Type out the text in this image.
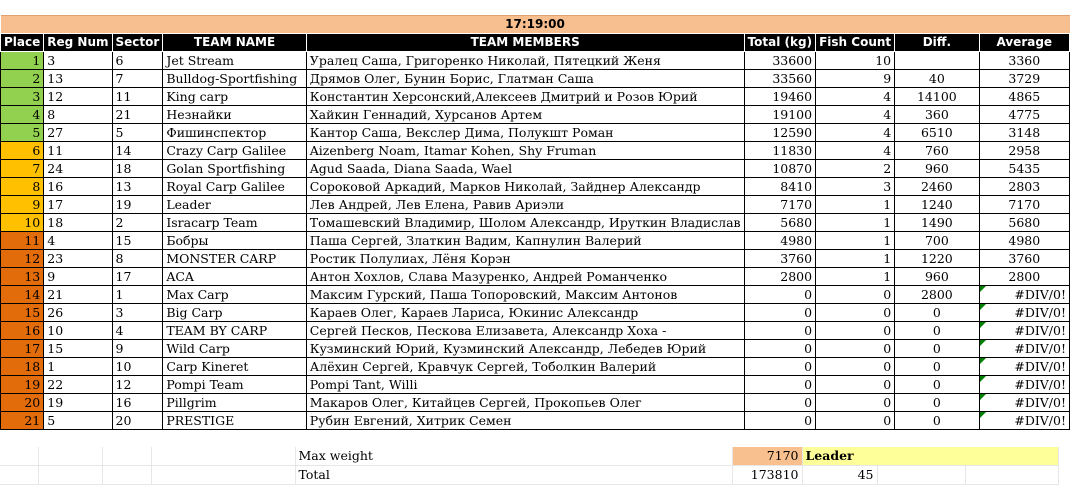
17:19:00								
Place	Reg Num	Sector	TEAM NAME	TEAM MEMBERS	Total (kg)	Fish Count	Diff.	Average
1	3	6	Jet Stream	Уралец Саша, Григоренко Николай, Пятецкий Женя	33600	10		3360
2	13	7	Bulldog-Sportfishing	Дрямов Олег, Бунин Борис, Глатман Саша	33560	9	40	3729
3	12	11	King carp	Константин Херсонский,Алексеев Дмитрий и Розов Юрий	19460	4	14100	4865
4	8	21	Незнайки	Хайкин Геннадий, Хурсанов Артем	19100	4	360	4775
5	27	5	Фишинспектор	Кантор Саша, Векслер Дима, Полукшт Роман	12590	4	6510	3148
6	11	14	Crazy Carp Galilee	Aizenberg Noam, Itamar Kohen, Shy Fruman	11830	4	760	2958
7	24	18	Golan Sportfishing	Agud Saada, Diana Saada, Wael	10870	2	960	5435
8	16	13	Royal Carp Galilee	Сороковой Аркадий, Марков Николай, Зайднер Александр	8410	3	2460	2803
9	17	19	Leader	Лев Андрей, Лев Елена, Равив Ариэли	7170	1	1240	7170
10	18	2	Isracarp Team	Томашевский Владимир, Шолом Александр, Ируткин Владислав	5680	1	1490	5680
11	4	15	Бобры	Паша Сергей, Златкин Вадим, Капнулин Валерий	4980	1	700	4980
12	23	8	MONSTER CARP	Ростик Полулиах, Лёня Корэн	3760	1	1220	3760
13	9	17	ACA	Антон Хохлов, Слава Мазуренко, Андрей Романченко	2800	1	960	2800
14	21	1	Max Carp	Максим Гурский, Паша Топоровский, Максим Антонов	0	0	2800	#DIV/0!
15	26	3	Big Carp	Караев Олег, Караев Лариса, Юкинис Александр	0	0	0	#DIV/0!
16	10	4	TEAM BY CARP	Сергей Песков, Пескова Елизавета, Александр Хоха -	0	0	0	#DIV/0!
17	15	9	Wild Carp	Кузминский Юрий, Кузминский Александр, Лебедев Юрий	0	0	0	#DIV/0!
18	1	10	Carp Kineret	Алёхин Сергей, Кравчук Сергей, Тоболкин Валерий	0	0	0	#DIV/0!
19	22	12	Pompi Team	Pompi Tant, Willi	0	0	0	#DIV/0!
20	19	16	Pillgrim	Макаров Олег, Китайцев Сергей, Прокопьев Олег	0	0	0	#DIV/0!
21	5	20	PRESTIGE	Рубин Евгений, Хитрик Семен	0	0	0	#DIV/0!
				Max weight	7170	Leader		
				Total	173810	45		
